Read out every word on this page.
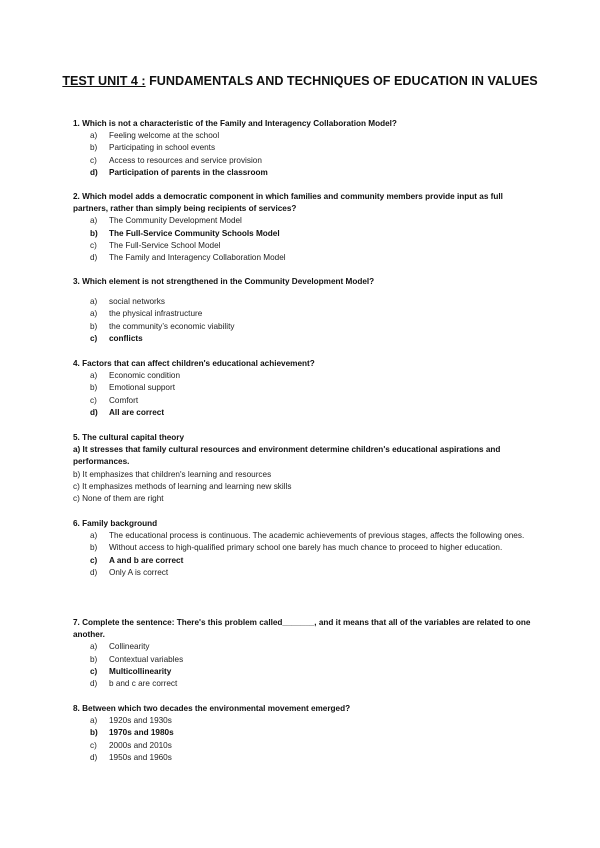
TEST UNIT 4 : FUNDAMENTALS AND TECHNIQUES OF EDUCATION IN VALUES
1. Which is not a characteristic of the Family and Interagency Collaboration Model?
a) Feeling welcome at the school
b) Participating in school events
c) Access to resources and service provision
d) Participation of parents in the classroom
2. Which model adds a democratic component in which families and community members provide input as full partners, rather than simply being recipients of services?
a) The Community Development Model
b) The Full-Service Community Schools Model
c) The Full-Service School Model
d) The Family and Interagency Collaboration Model
3. Which element is not strengthened in the Community Development Model?
a) social networks
a) the physical infrastructure
b) the community’s economic viability
c) conflicts
4. Factors that can affect children's educational achievement?
a) Economic condition
b) Emotional support
c) Comfort
d) All are correct
5. The cultural capital theory
a) It stresses that family cultural resources and environment determine children's educational aspirations and performances.
b) It emphasizes that children's learning and resources
c) It emphasizes methods of learning and learning new skills
c) None of them are right
6. Family background
a) The educational process is continuous. The academic achievements of previous stages, affects the following ones.
b) Without access to high-qualified primary school one barely has much chance to proceed to higher education.
c) A and b are correct
d) Only A is correct
7. Complete the sentence: There's this problem called_______, and it means that all of the variables are related to one another.
a) Collinearity
b) Contextual variables
c) Multicollinearity
d) b and c are correct
8. Between which two decades the environmental movement emerged?
a) 1920s and 1930s
b) 1970s and 1980s
c) 2000s and 2010s
d) 1950s and 1960s
